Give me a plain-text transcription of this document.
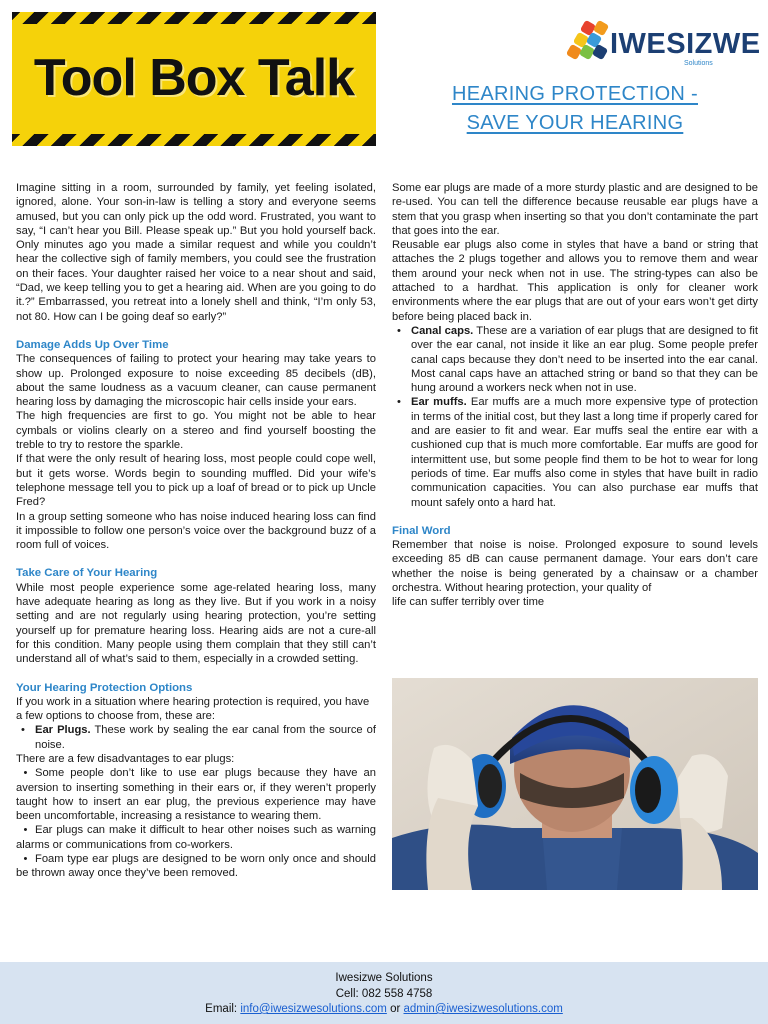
Tool Box Talk
IWESIZWE
Solutions
HEARING PROTECTION -
SAVE YOUR HEARING

Imagine sitting in a room, surrounded by family, yet feeling isolated, ignored, alone. Your son-in-law is telling a story and everyone seems amused, but you can only pick up the odd word. Frustrated, you want to say, “I can’t hear you Bill. Please speak up.” But you hold yourself back. Only minutes ago you made a similar request and while you couldn’t hear the collective sigh of family members, you could see the frustration on their faces. Your daughter raised her voice to a near shout and said, “Dad, we keep telling you to get a hearing aid. When are you going to do it.?” Embarrassed, you retreat into a lonely shell and think, “I’m only 53, not 80. How can I be going deaf so early?”

Damage Adds Up Over Time

The consequences of failing to protect your hearing may take years to show up. Prolonged exposure to noise exceeding 85 decibels (dB), about the same loudness as a vacuum cleaner, can cause permanent hearing loss by damaging the microscopic hair cells inside your ears.

The high frequencies are first to go. You might not be able to hear cymbals or violins clearly on a stereo and find yourself boosting the treble to try to restore the sparkle.

If that were the only result of hearing loss, most people could cope well, but it gets worse. Words begin to sounding muffled. Did your wife’s telephone message tell you to pick up a loaf of bread or to pick up Uncle Fred?

In a group setting someone who has noise induced hearing loss can find it impossible to follow one person’s voice over the background buzz of a room full of voices.

Take Care of Your Hearing

While most people experience some age-related hearing loss, many have adequate hearing as long as they live. But if you work in a noisy setting and are not regularly using hearing protection, you’re setting yourself up for premature hearing loss. Hearing aids are not a cure-all for this condition. Many people using them complain that they still can’t understand all of what’s said to them, especially in a crowded setting.

Your Hearing Protection Options

If you work in a situation where hearing protection is required, you have a few options to choose from, these are:

• Ear Plugs. These work by sealing the ear canal from the source of noise.

There are a few disadvantages to ear plugs:

• Some people don’t like to use ear plugs because they have an aversion to inserting something in their ears or, if they weren’t properly taught how to insert an ear plug, the previous experience may have been uncomfortable, increasing a resistance to wearing them.

• Ear plugs can make it difficult to hear other noises such as warning alarms or communications from co-workers.

• Foam type ear plugs are designed to be worn only once and should be thrown away once they’ve been removed.

Some ear plugs are made of a more sturdy plastic and are designed to be re-used. You can tell the difference because reusable ear plugs have a stem that you grasp when inserting so that you don’t contaminate the part that goes into the ear.

Reusable ear plugs also come in styles that have a band or string that attaches the 2 plugs together and allows you to remove them and wear them around your neck when not in use. The string-types can also be attached to a hardhat. This application is only for cleaner work environments where the ear plugs that are out of your ears won’t get dirty before being placed back in.

• Canal caps. These are a variation of ear plugs that are designed to fit over the ear canal, not inside it like an ear plug. Some people prefer canal caps because they don’t need to be inserted into the ear canal. Most canal caps have an attached string or band so that they can be hung around a workers neck when not in use.
• Ear muffs. Ear muffs are a much more expensive type of protection in terms of the initial cost, but they last a long time if properly cared for and are easier to fit and wear. Ear muffs seal the entire ear with a cushioned cup that is much more comfortable. Ear muffs are good for intermittent use, but some people find them to be hot to wear for long periods of time. Ear muffs also come in styles that have built in radio communication capacities. You can also purchase ear muffs that mount safely onto a hard hat.
Final Word

Remember that noise is noise. Prolonged exposure to sound levels exceeding 85 dB can cause permanent damage. Your ears don’t care whether the noise is being generated by a chainsaw or a chamber orchestra. Without hearing protection, your quality of

life can suffer terribly over time

Iwesizwe Solutions
Cell: 082 558 4758
Email: info@iwesizwesolutions.com or admin@iwesizwesolutions.com
